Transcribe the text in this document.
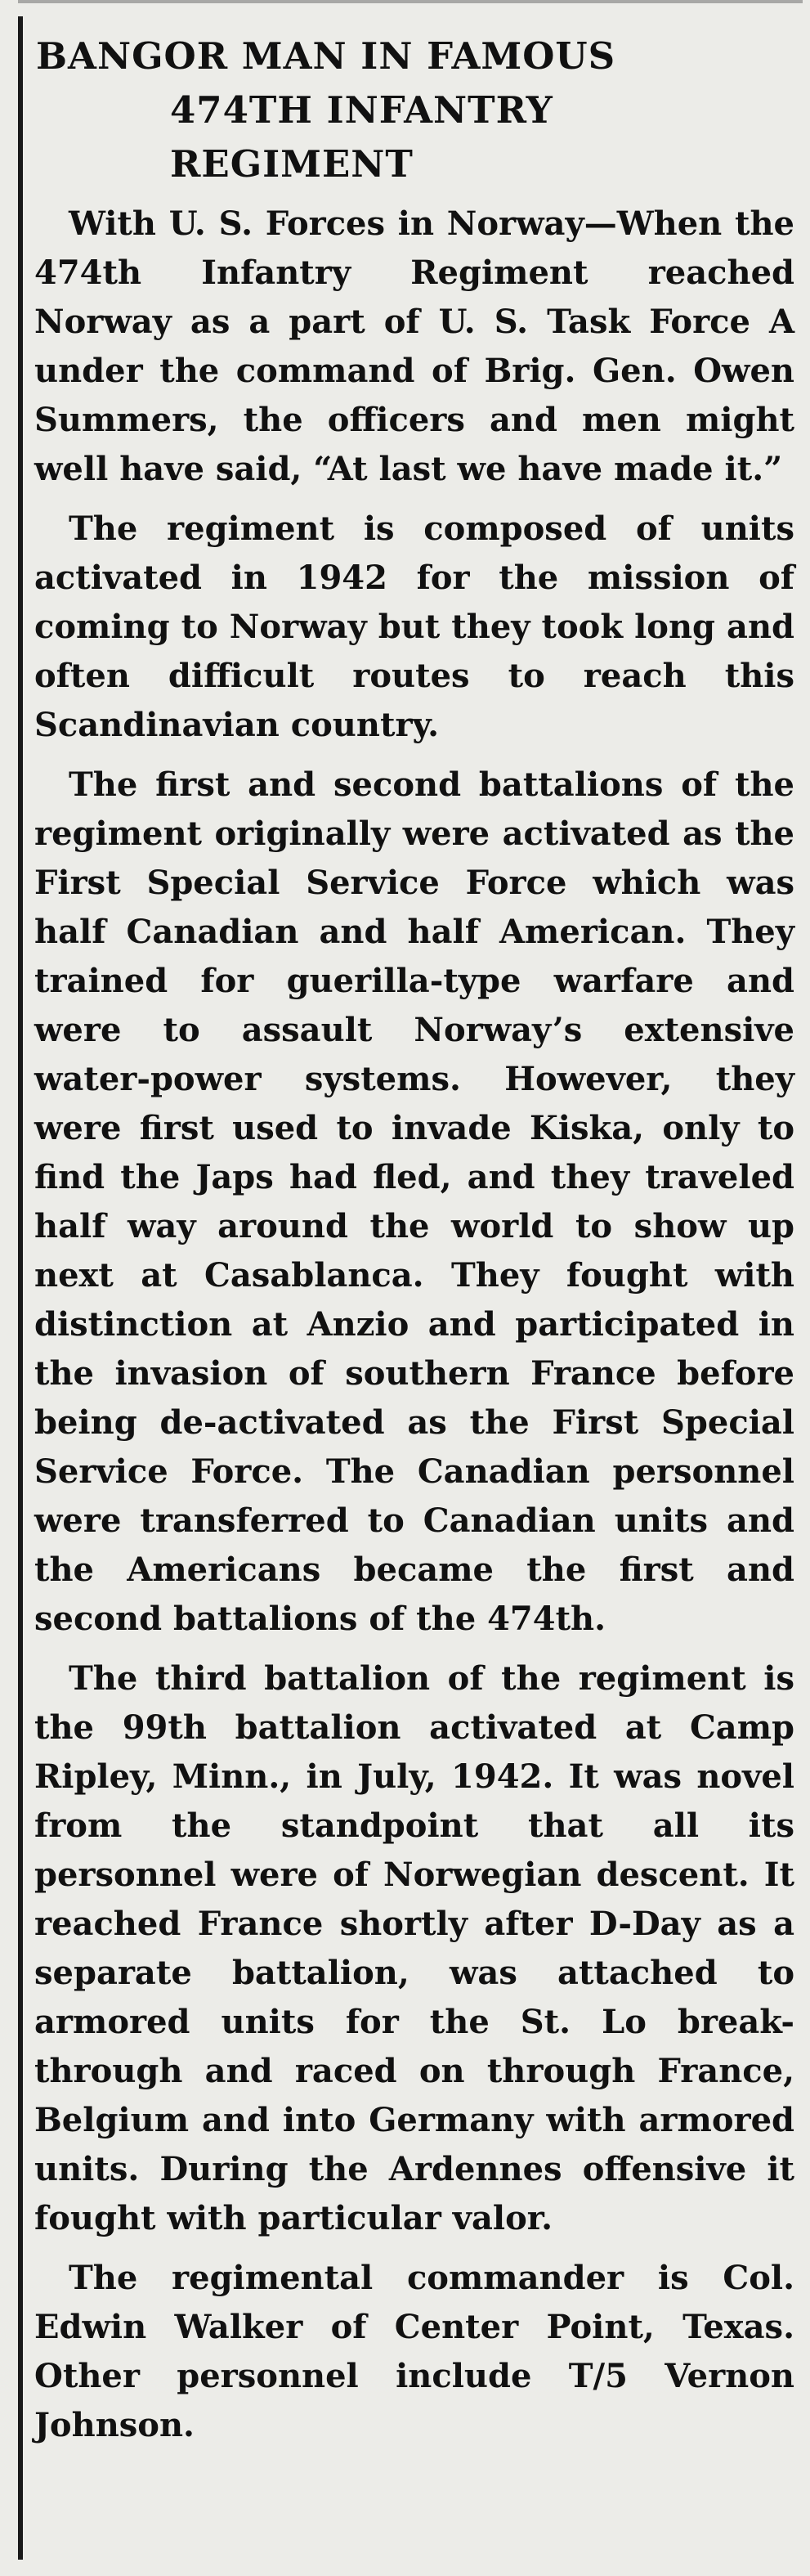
BANGOR MAN IN FAMOUS
474TH INFANTRY REGIMENT

With U. S. Forces in Norway—When the 474th Infantry Regiment reached Norway as a part of U. S. Task Force A under the command of Brig. Gen. Owen Summers, the officers and men might well have said, “At last we have made it.”

The regiment is composed of units activated in 1942 for the mission of coming to Norway but they took long and often difficult routes to reach this Scandinavian country.

The first and second battalions of the regiment originally were activated as the First Special Service Force which was half Canadian and half American. They trained for guerilla-type warfare and were to assault Norway’s extensive water-power systems. However, they were first used to invade Kiska, only to find the Japs had fled, and they traveled half way around the world to show up next at Casablanca. They fought with distinction at Anzio and participated in the invasion of southern France before being de-activated as the First Special Service Force. The Canadian personnel were transferred to Canadian units and the Americans became the first and second battalions of the 474th.

The third battalion of the regiment is the 99th battalion activated at Camp Ripley, Minn., in July, 1942. It was novel from the standpoint that all its personnel were of Norwegian descent. It reached France shortly after D-Day as a separate battalion, was attached to armored units for the St. Lo break-through and raced on through France, Belgium and into Germany with armored units. During the Ardennes offensive it fought with particular valor.

The regimental commander is Col. Edwin Walker of Center Point, Texas. Other personnel include T/5 Vernon Johnson.
